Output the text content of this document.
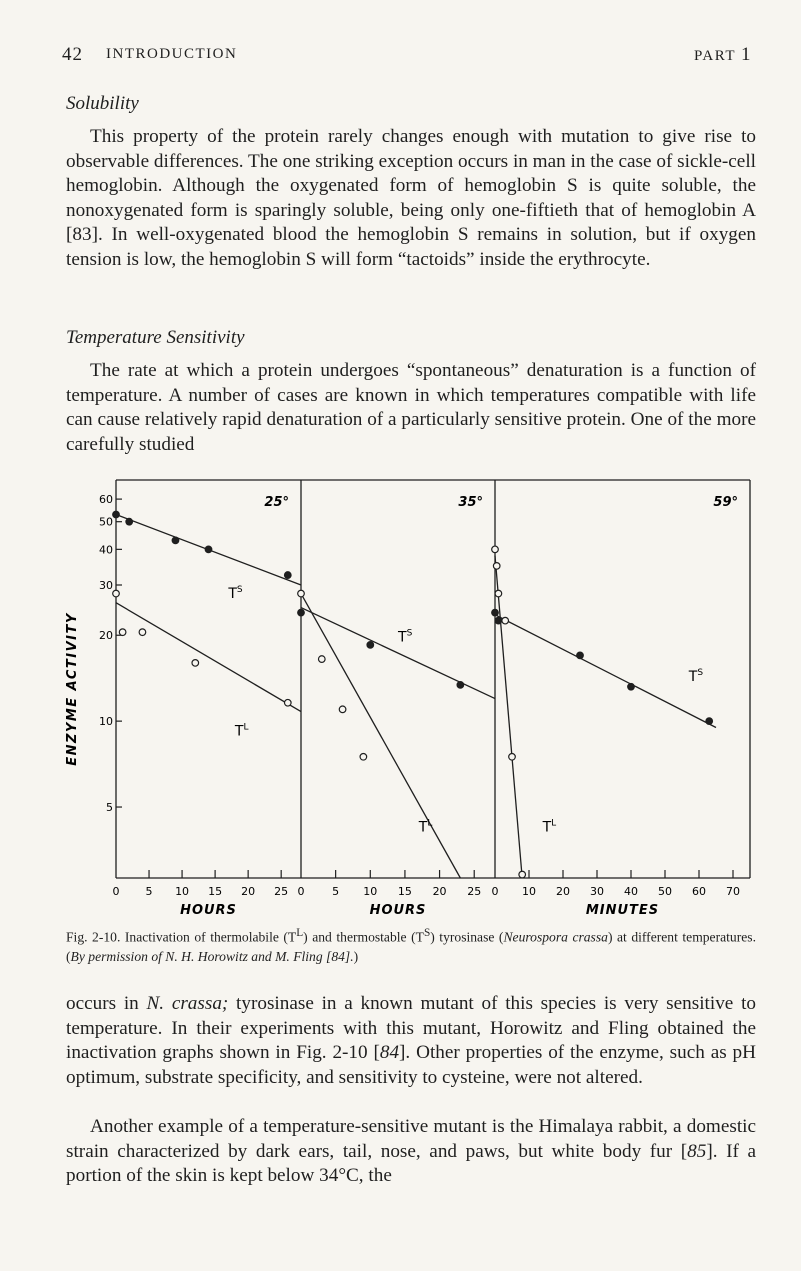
42 INTRODUCTION	PART 1
Solubility

This property of the protein rarely changes enough with mutation to give rise to observable differences. The one striking exception occurs in man in the case of sickle-cell hemoglobin. Although the oxygenated form of hemoglobin S is quite soluble, the nonoxygenated form is sparingly soluble, being only one-fiftieth that of hemoglobin A [83]. In well-oxygenated blood the hemoglobin S remains in solution, but if oxygen tension is low, the hemoglobin S will form “tactoids” inside the erythrocyte.

Temperature Sensitivity

The rate at which a protein undergoes “spontaneous” denaturation is a function of temperature. A number of cases are known in which temperatures compatible with life can cause relatively rapid denaturation of a particularly sensitive protein. One of the more carefully studied

5
10
20
30
40
50
60
ENZYME ACTIVITY
25°
0 5 10 15 20 25
HOURS
$T^S$
$T^L$
35°
0	5 10 15 20 25
HOURS
$T^S$
$T^L$
59°
0 10 20 30 40 50 60 70
MINUTES
$T^S$
$T^L$

Fig. 2-10. Inactivation of thermolabile $(T^L)$ and thermostable $(T^S)$ tyrosinase (Neurospora crassa) at different temperatures. (By permission of N. H. Horowitz and M. Fling [84].)

occurs in N. crassa; tyrosinase in a known mutant of this species is very sensitive to temperature. In their experiments with this mutant, Horowitz and Fling obtained the inactivation graphs shown in Fig. 2-10 [84]. Other properties of the enzyme, such as pH optimum, substrate specificity, and sensitivity to cysteine, were not altered.

Another example of a temperature-sensitive mutant is the Himalaya rabbit, a domestic strain characterized by dark ears, tail, nose, and paws, but white body fur [85]. If a portion of the skin is kept below 34°C, the
